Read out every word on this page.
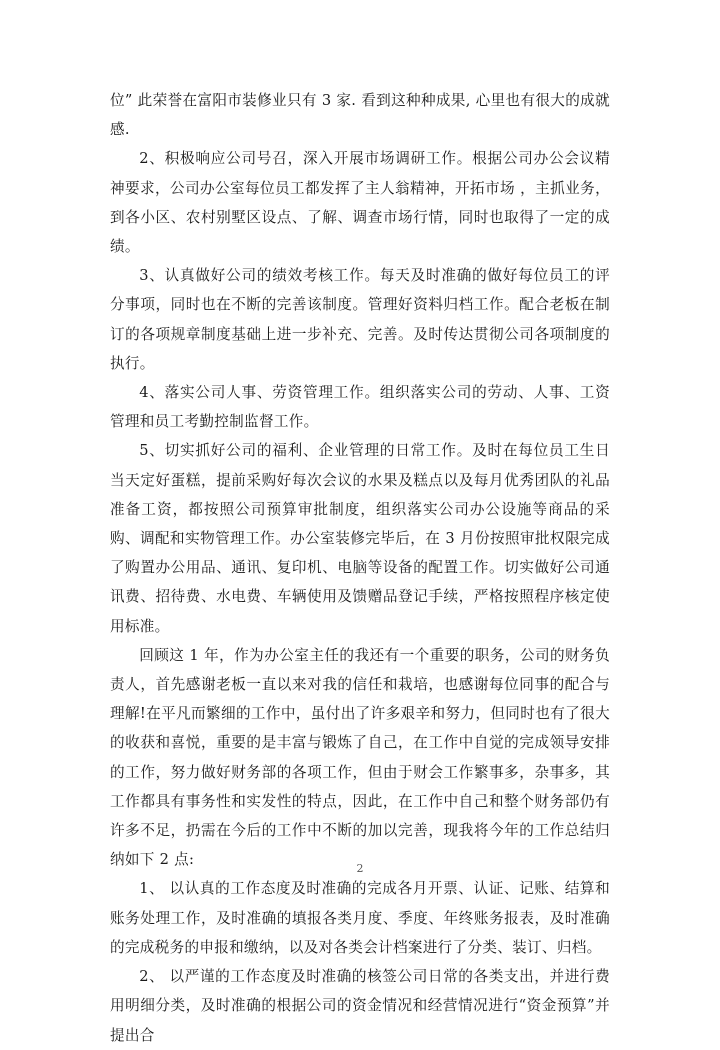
位” 此荣誉在富阳市装修业只有 3 家. 看到这种种成果, 心里也有很大的成就感.

2、积极响应公司号召，深入开展市场调研工作。根据公司办公会议精神要求，公司办公室每位员工都发挥了主人翁精神，开拓市场 ，主抓业务，到各小区、农村别墅区设点、了解、调查市场行情，同时也取得了一定的成绩。

3、认真做好公司的绩效考核工作。每天及时准确的做好每位员工的评分事项，同时也在不断的完善该制度。管理好资料归档工作。配合老板在制订的各项规章制度基础上进一步补充、完善。及时传达贯彻公司各项制度的执行。

4、落实公司人事、劳资管理工作。组织落实公司的劳动、人事、工资管理和员工考勤控制监督工作。

5、切实抓好公司的福利、企业管理的日常工作。及时在每位员工生日当天定好蛋糕，提前采购好每次会议的水果及糕点以及每月优秀团队的礼品准备工资，都按照公司预算审批制度，组织落实公司办公设施等商品的采购、调配和实物管理工作。办公室装修完毕后，在 3 月份按照审批权限完成了购置办公用品、通讯、复印机、电脑等设备的配置工作。切实做好公司通讯费、招待费、水电费、车辆使用及馈赠品登记手续，严格按照程序核定使用标准。

回顾这 1 年，作为办公室主任的我还有一个重要的职务，公司的财务负责人，首先感谢老板一直以来对我的信任和栽培，也感谢每位同事的配合与理解!在平凡而繁细的工作中，虽付出了许多艰辛和努力，但同时也有了很大的收获和喜悦，重要的是丰富与锻炼了自己，在工作中自觉的完成领导安排的工作，努力做好财务部的各项工作，但由于财会工作繁事多，杂事多，其工作都具有事务性和实发性的特点，因此，在工作中自己和整个财务部仍有许多不足，扔需在今后的工作中不断的加以完善，现我将今年的工作总结归纳如下 2 点:

1、 以认真的工作态度及时准确的完成各月开票、认证、记账、结算和账务处理工作，及时准确的填报各类月度、季度、年终账务报表，及时准确的完成税务的申报和缴纳，以及对各类会计档案进行了分类、装订、归档。

2、 以严谨的工作态度及时准确的核签公司日常的各类支出，并进行费用明细分类，及时准确的根据公司的资金情况和经营情况进行“资金预算”并提出合

2
